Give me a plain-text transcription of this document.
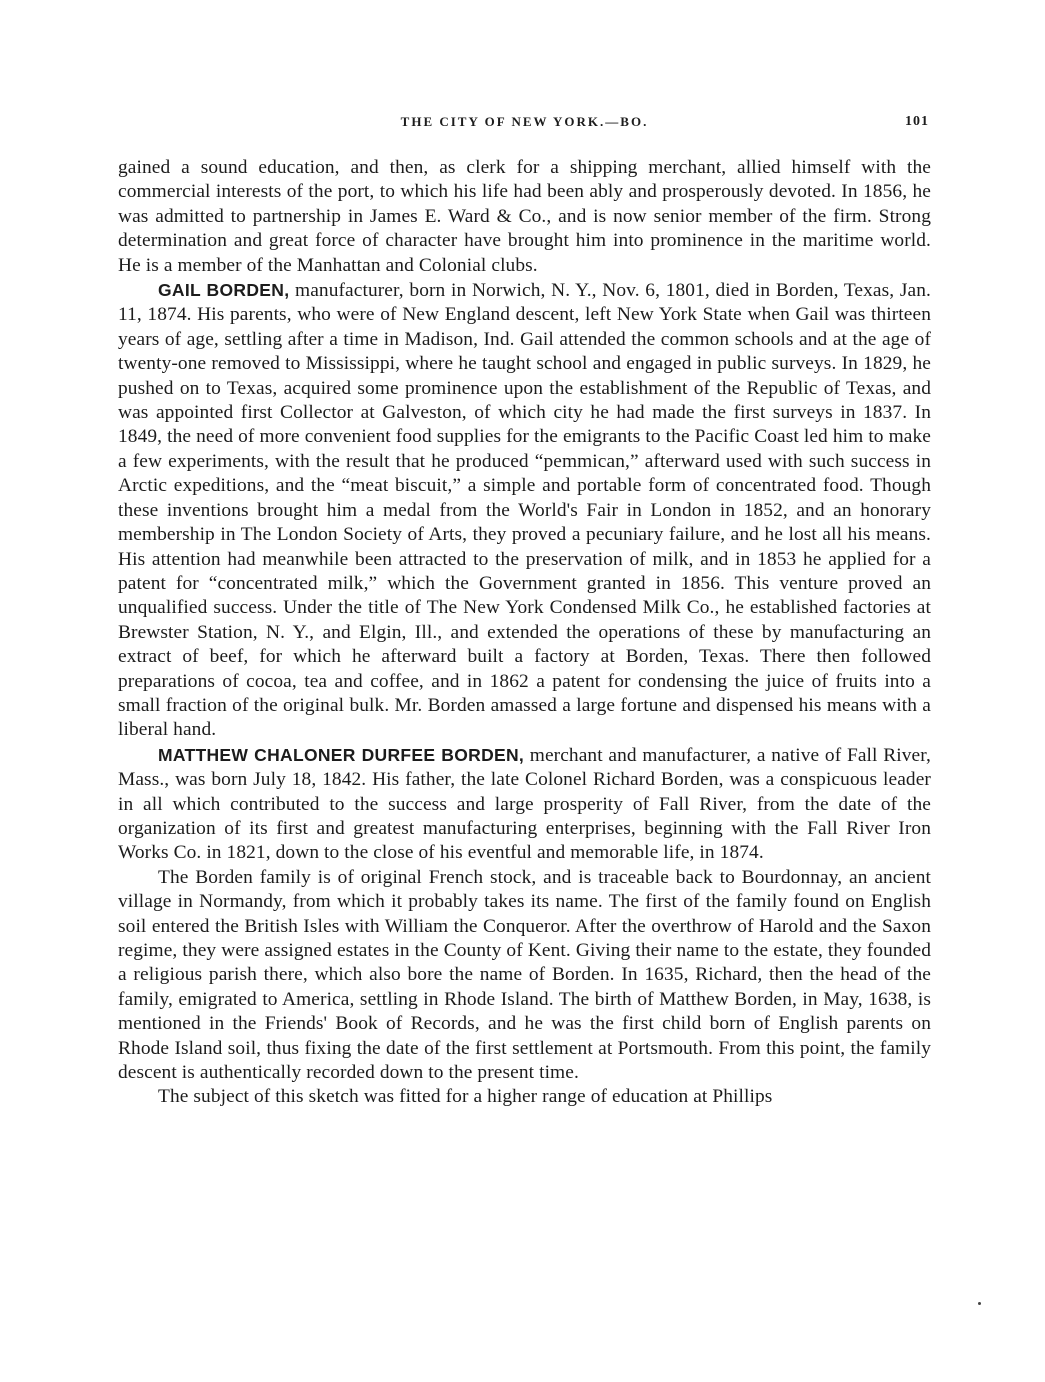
THE CITY OF NEW YORK.—BO.	101

gained a sound education, and then, as clerk for a shipping merchant, allied himself with the commercial interests of the port, to which his life had been ably and prosperously devoted. In 1856, he was admitted to partnership in James E. Ward & Co., and is now senior member of the firm. Strong determination and great force of character have brought him into prominence in the maritime world. He is a member of the Manhattan and Colonial clubs.

GAIL BORDEN, manufacturer, born in Norwich, N. Y., Nov. 6, 1801, died in Borden, Texas, Jan. 11, 1874. His parents, who were of New England descent, left New York State when Gail was thirteen years of age, settling after a time in Madison, Ind. Gail attended the common schools and at the age of twenty-one removed to Mississippi, where he taught school and engaged in public surveys. In 1829, he pushed on to Texas, acquired some prominence upon the establishment of the Republic of Texas, and was appointed first Collector at Galveston, of which city he had made the first surveys in 1837. In 1849, the need of more convenient food supplies for the emigrants to the Pacific Coast led him to make a few experiments, with the result that he produced “pemmican,” afterward used with such success in Arctic expeditions, and the “meat biscuit,” a simple and portable form of concentrated food. Though these inventions brought him a medal from the World's Fair in London in 1852, and an honorary membership in The London Society of Arts, they proved a pecuniary failure, and he lost all his means. His attention had meanwhile been attracted to the preservation of milk, and in 1853 he applied for a patent for “concentrated milk,” which the Government granted in 1856. This venture proved an unqualified success. Under the title of The New York Condensed Milk Co., he established factories at Brewster Station, N. Y., and Elgin, Ill., and extended the operations of these by manufacturing an extract of beef, for which he afterward built a factory at Borden, Texas. There then followed preparations of cocoa, tea and coffee, and in 1862 a patent for condensing the juice of fruits into a small fraction of the original bulk. Mr. Borden amassed a large fortune and dispensed his means with a liberal hand.

MATTHEW CHALONER DURFEE BORDEN, merchant and manufacturer, a native of Fall River, Mass., was born July 18, 1842. His father, the late Colonel Richard Borden, was a conspicuous leader in all which contributed to the success and large prosperity of Fall River, from the date of the organization of its first and greatest manufacturing enterprises, beginning with the Fall River Iron Works Co. in 1821, down to the close of his eventful and memorable life, in 1874.

The Borden family is of original French stock, and is traceable back to Bourdonnay, an ancient village in Normandy, from which it probably takes its name. The first of the family found on English soil entered the British Isles with William the Conqueror. After the overthrow of Harold and the Saxon regime, they were assigned estates in the County of Kent. Giving their name to the estate, they founded a religious parish there, which also bore the name of Borden. In 1635, Richard, then the head of the family, emigrated to America, settling in Rhode Island. The birth of Matthew Borden, in May, 1638, is mentioned in the Friends' Book of Records, and he was the first child born of English parents on Rhode Island soil, thus fixing the date of the first settlement at Portsmouth. From this point, the family descent is authentically recorded down to the present time.

The subject of this sketch was fitted for a higher range of education at Phillips
